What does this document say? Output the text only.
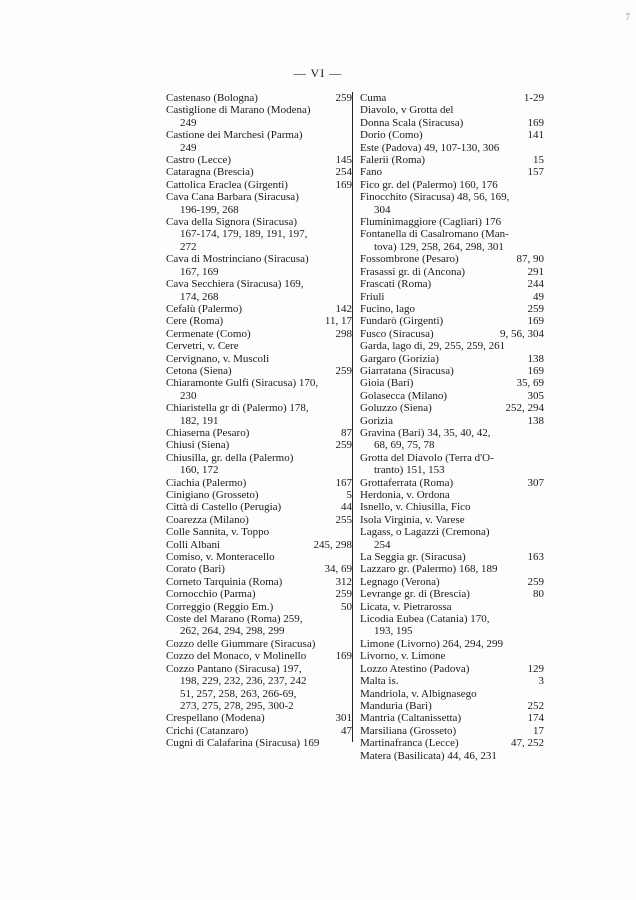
— VI —
7
Castenaso (Bologna)	259
Castiglione di Marano (Modena)
249
Castione dei Marchesi (Parma)
249
Castro (Lecce)	145
Cataragna (Brescia)	254
Cattolica Eraclea (Girgenti)	169
Cava Cana Barbara (Siracusa)
196-199, 268
Cava della Signora (Siracusa)
167-174, 179, 189, 191, 197,
272
Cava di Mostrinciano (Siracusa)
167, 169
Cava Secchiera (Siracusa) 169,
174, 268
Cefalù (Palermo)	142
Cere (Roma)	11, 17
Cermenate (Como)	298
Cervetri, v. Cere
Cervignano, v. Muscoli
Cetona (Siena)	259
Chiaramonte Gulfi (Siracusa) 170,
230
Chiaristella gr di (Palermo) 178,
182, 191
Chiaserna (Pesaro)	87
Chiusi (Siena)	259
Chiusilla, gr. della (Palermo)
160, 172
Ciachia (Palermo)	167
Cinigiano (Grosseto)	5
Città di Castello (Perugia)	44
Coarezza (Milano)	255
Colle Sannita, v. Toppo
Colli Albani	245, 298
Comiso, v. Monteracello
Corato (Bari)	34, 69
Corneto Tarquinia (Roma)	312
Cornocchio (Parma)	259
Correggio (Reggio Em.)	50
Coste del Marano (Roma) 259,
262, 264, 294, 298, 299
Cozzo delle Giummare (Siracusa)
169
Cozzo del Monaco, v Molinello
Cozzo Pantano (Siracusa) 197,
198, 229, 232, 236, 237, 242
51, 257, 258, 263, 266-69,
273, 275, 278, 295, 300-2
Crespellano (Modena)	301
Crichi (Catanzaro)	47
Cugni di Calafarina (Siracusa) 169
Cuma	1-29
Diavolo, v Grotta del
Donna Scala (Siracusa)	169
Dorio (Como)	141
Este (Padova) 49, 107-130, 306
Falerii (Roma)	15
Fano	157
Fico gr. del (Palermo) 160, 176
Finocchito (Siracusa) 48, 56, 169,
304
Fluminimaggiore (Cagliari) 176
Fontanella di Casalromano (Man-
tova) 129, 258, 264, 298, 301
Fossombrone (Pesaro)	87, 90
Frasassi gr. di (Ancona)	291
Frascati (Roma)	244
Friuli	49
Fucino, lago	259
Fundarò (Girgenti)	169
Fusco (Siracusa)	9, 56, 304
Garda, lago di, 29, 255, 259, 261
Gargaro (Gorizia)	138
Giarratana (Siracusa)	169
Gioia (Bari)	35, 69
Golasecca (Milano)	305
Goluzzo (Siena)	252, 294
Gorizia	138
Gravina (Bari) 34, 35, 40, 42,
68, 69, 75, 78
Grotta del Diavolo (Terra d'O-
tranto) 151, 153
Grottaferrata (Roma)	307
Herdonia, v. Ordona
Isnello, v. Chiusilla, Fico
Isola Virginia, v. Varese
Lagass, o Lagazzi (Cremona)
254
La Seggia gr. (Siracusa)	163
Lazzaro gr. (Palermo) 168, 189
Legnago (Verona)	259
Levrange gr. di (Brescia)	80
Licata, v. Pietrarossa
Licodia Eubea (Catania) 170,
193, 195
Limone (Livorno) 264, 294, 299
Livorno, v. Limone
Lozzo Atestino (Padova)	129
Malta is.	3
Mandriola, v. Albignasego
Manduria (Bari)	252
Mantria (Caltanissetta)	174
Marsiliana (Grosseto)	17
Martinafranca (Lecce)	47, 252
Matera (Basilicata) 44, 46, 231
